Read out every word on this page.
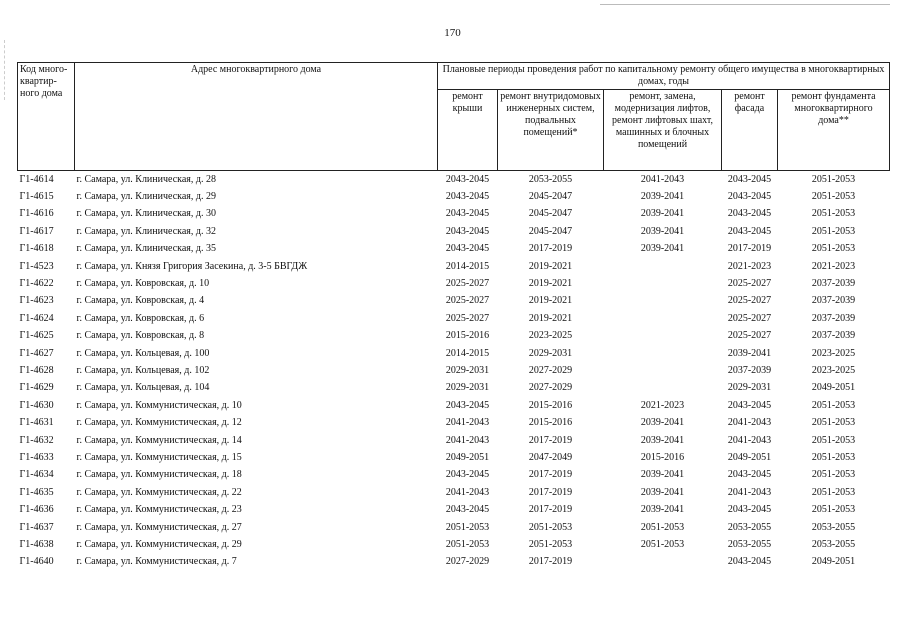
170
Код много-квартир-ного дома	Адрес многоквартирного дома	Плановые периоды проведения работ по капитальному ремонту общего имущества в многоквартирных домах, годы				
		ремонт крыши	ремонт внутридомовых инженерных систем, подвальных помещений*	ремонт, замена, модернизация лифтов, ремонт лифтовых шахт, машинных и блочных помещений	ремонт фасада	ремонт фундамента многоквартирного дома**
Г1-4614	г. Самара, ул. Клиническая, д. 28	2043-2045	2053-2055	2041-2043	2043-2045	2051-2053
Г1-4615	г. Самара, ул. Клиническая, д. 29	2043-2045	2045-2047	2039-2041	2043-2045	2051-2053
Г1-4616	г. Самара, ул. Клиническая, д. 30	2043-2045	2045-2047	2039-2041	2043-2045	2051-2053
Г1-4617	г. Самара, ул. Клиническая, д. 32	2043-2045	2045-2047	2039-2041	2043-2045	2051-2053
Г1-4618	г. Самара, ул. Клиническая, д. 35	2043-2045	2017-2019	2039-2041	2017-2019	2051-2053
Г1-4523	г. Самара, ул. Князя Григория Засекина, д. 3-5 БВГДЖ	2014-2015	2019-2021		2021-2023	2021-2023
Г1-4622	г. Самара, ул. Ковровская, д. 10	2025-2027	2019-2021		2025-2027	2037-2039
Г1-4623	г. Самара, ул. Ковровская, д. 4	2025-2027	2019-2021		2025-2027	2037-2039
Г1-4624	г. Самара, ул. Ковровская, д. 6	2025-2027	2019-2021		2025-2027	2037-2039
Г1-4625	г. Самара, ул. Ковровская, д. 8	2015-2016	2023-2025		2025-2027	2037-2039
Г1-4627	г. Самара, ул. Кольцевая, д. 100	2014-2015	2029-2031		2039-2041	2023-2025
Г1-4628	г. Самара, ул. Кольцевая, д. 102	2029-2031	2027-2029		2037-2039	2023-2025
Г1-4629	г. Самара, ул. Кольцевая, д. 104	2029-2031	2027-2029		2029-2031	2049-2051
Г1-4630	г. Самара, ул. Коммунистическая, д. 10	2043-2045	2015-2016	2021-2023	2043-2045	2051-2053
Г1-4631	г. Самара, ул. Коммунистическая, д. 12	2041-2043	2015-2016	2039-2041	2041-2043	2051-2053
Г1-4632	г. Самара, ул. Коммунистическая, д. 14	2041-2043	2017-2019	2039-2041	2041-2043	2051-2053
Г1-4633	г. Самара, ул. Коммунистическая, д. 15	2049-2051	2047-2049	2015-2016	2049-2051	2051-2053
Г1-4634	г. Самара, ул. Коммунистическая, д. 18	2043-2045	2017-2019	2039-2041	2043-2045	2051-2053
Г1-4635	г. Самара, ул. Коммунистическая, д. 22	2041-2043	2017-2019	2039-2041	2041-2043	2051-2053
Г1-4636	г. Самара, ул. Коммунистическая, д. 23	2043-2045	2017-2019	2039-2041	2043-2045	2051-2053
Г1-4637	г. Самара, ул. Коммунистическая, д. 27	2051-2053	2051-2053	2051-2053	2053-2055	2053-2055
Г1-4638	г. Самара, ул. Коммунистическая, д. 29	2051-2053	2051-2053	2051-2053	2053-2055	2053-2055
Г1-4640	г. Самара, ул. Коммунистическая, д. 7	2027-2029	2017-2019		2043-2045	2049-2051
